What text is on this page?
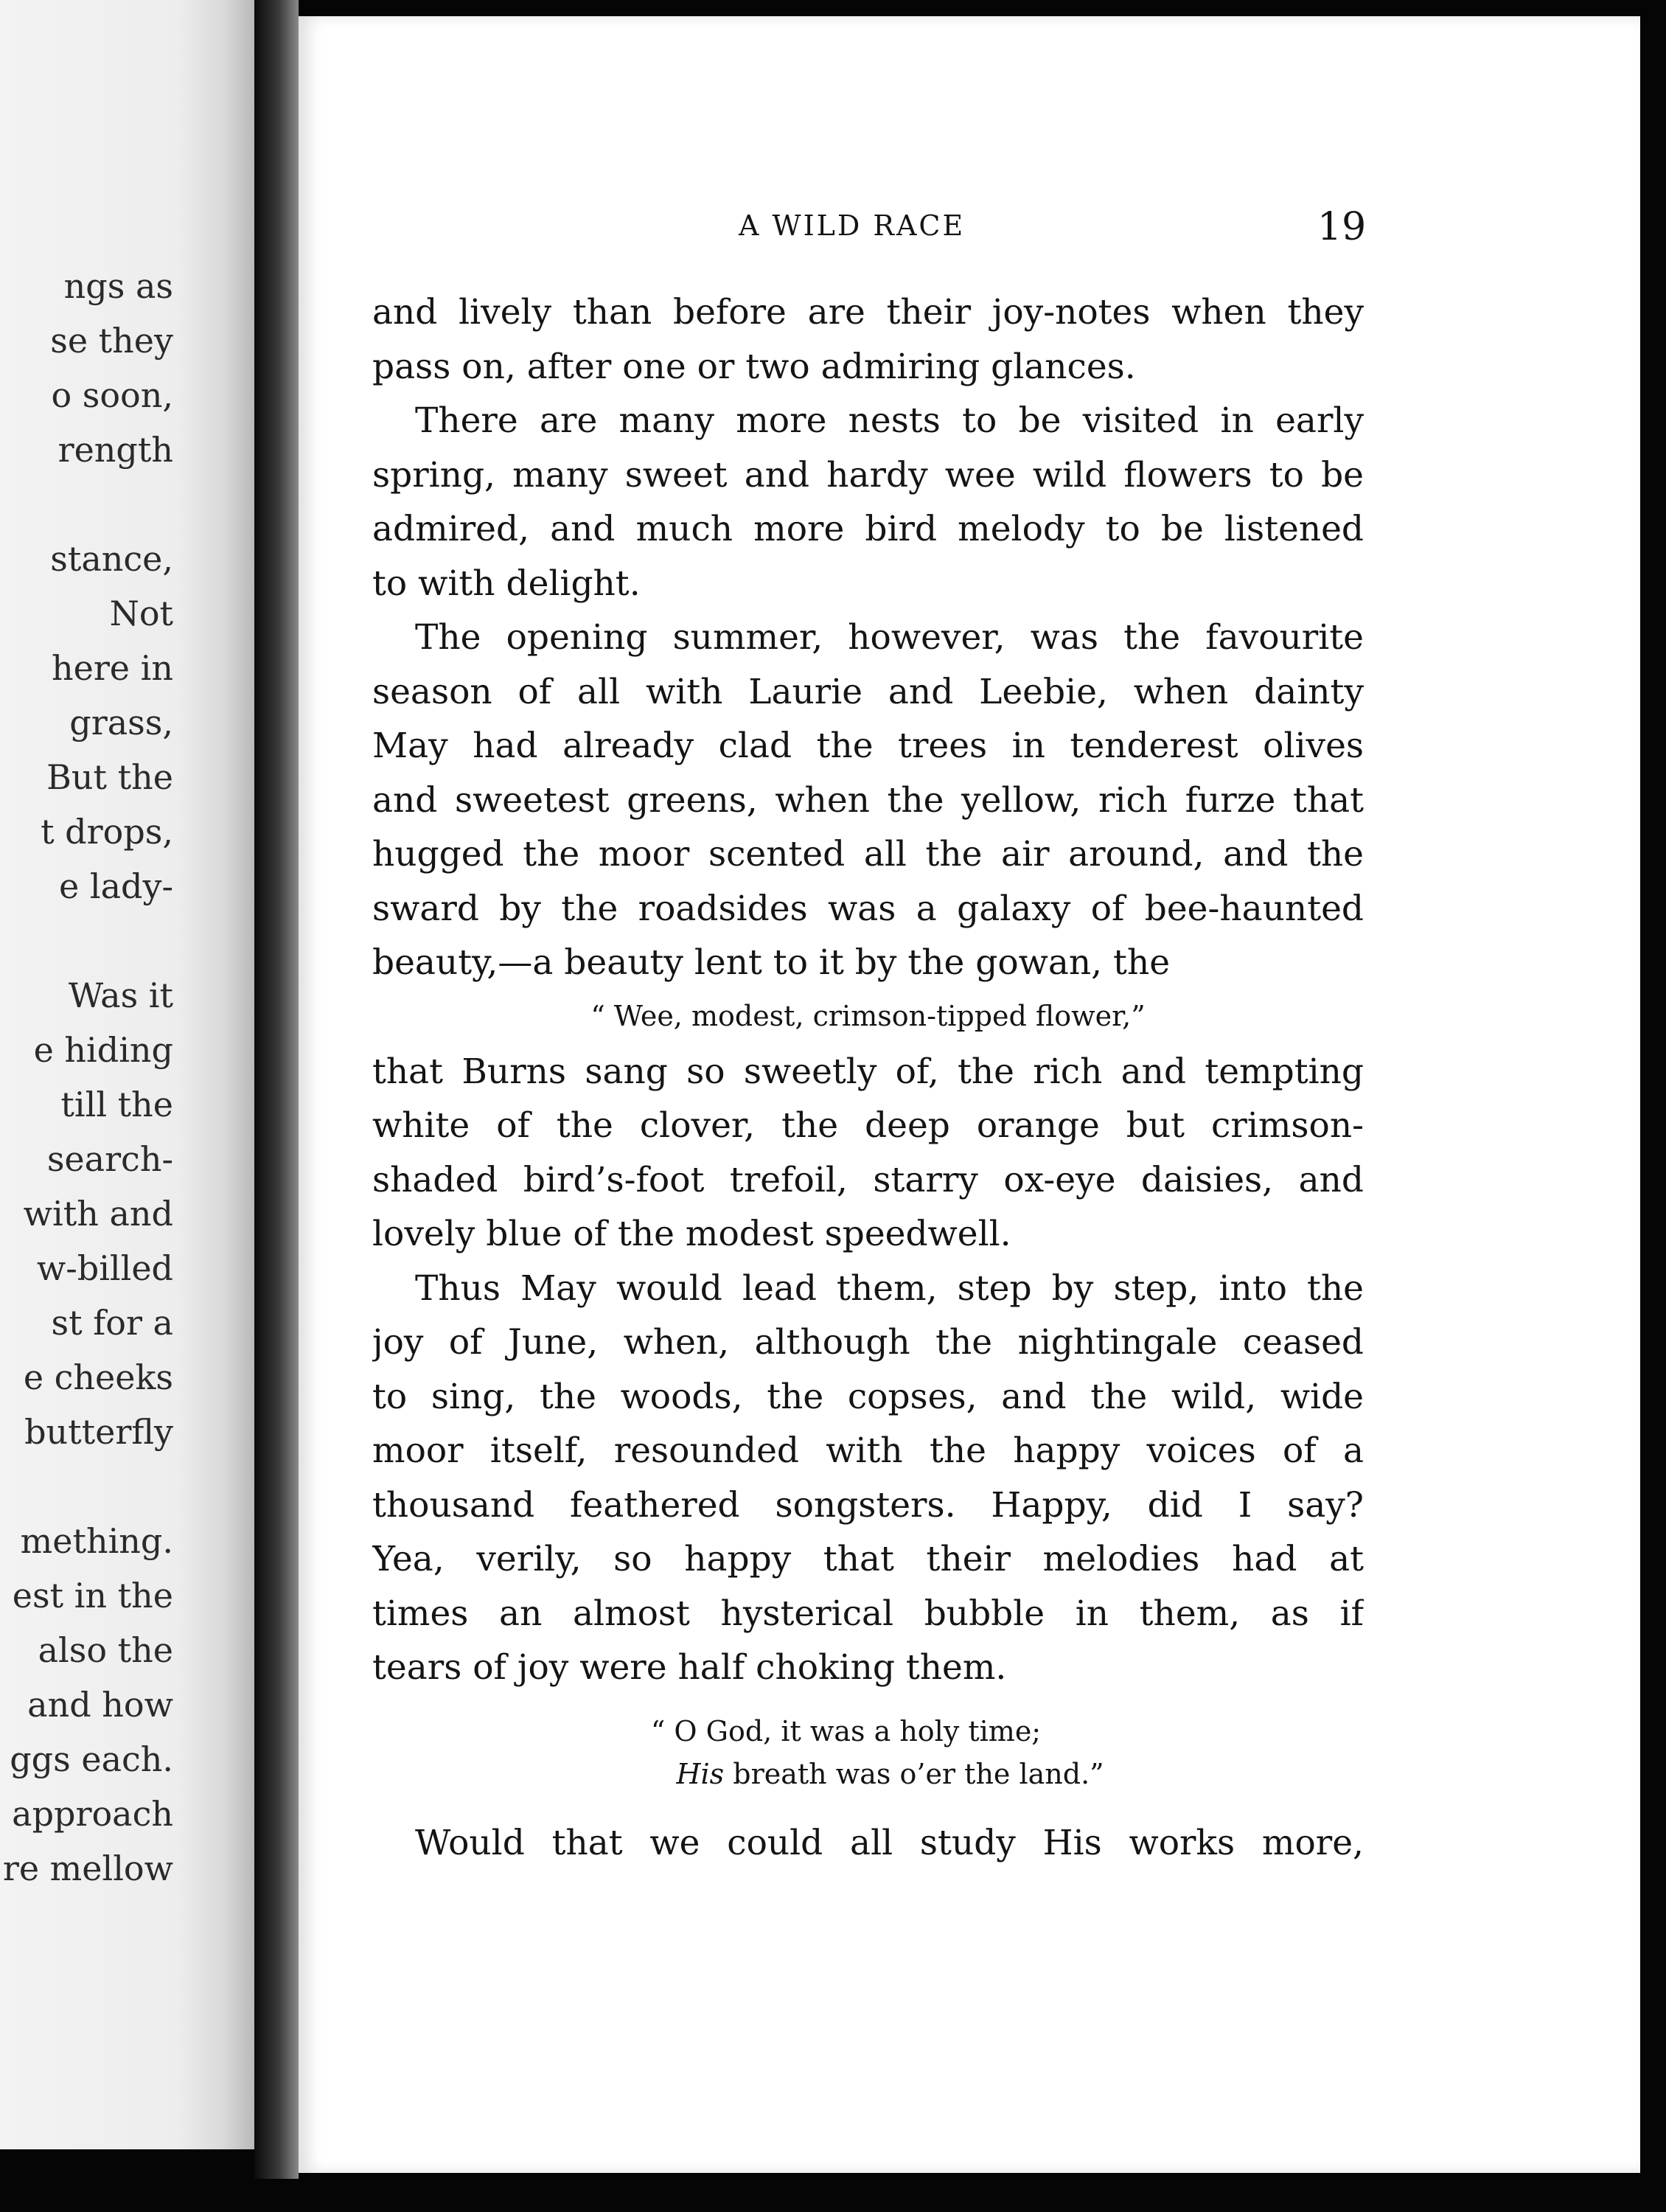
ngs as
se they
o soon,
rength
stance,
Not
here in
grass,
But the
t drops,
e lady-
Was it
e hiding
till the
search-
with and
w-billed
st for a
e cheeks
butterfly
mething.
est in the
also the
and how
ggs each.
approach
re mellow
A WILD RACE	19
and lively than before are their joy-notes when they
pass on, after one or two admiring glances.
There are many more nests to be visited in early
spring, many sweet and hardy wee wild flowers to be
admired, and much more bird melody to be listened
to with delight.
The opening summer, however, was the favourite
season of all with Laurie and Leebie, when dainty
May had already clad the trees in tenderest olives
and sweetest greens, when the yellow, rich furze that
hugged the moor scented all the air around, and the
sward by the roadsides was a galaxy of bee-haunted
beauty,—a beauty lent to it by the gowan, the
“ Wee, modest, crimson-tipped flower,”
that Burns sang so sweetly of, the rich and tempting
white of the clover, the deep orange but crimson-
shaded bird’s-foot trefoil, starry ox-eye daisies, and
lovely blue of the modest speedwell.
Thus May would lead them, step by step, into the
joy of June, when, although the nightingale ceased
to sing, the woods, the copses, and the wild, wide
moor itself, resounded with the happy voices of a
thousand feathered songsters. Happy, did I say?
Yea, verily, so happy that their melodies had at
times an almost hysterical bubble in them, as if
tears of joy were half choking them.
“ O God, it was a holy time;
His breath was o’er the land.”
Would that we could all study His works more,
